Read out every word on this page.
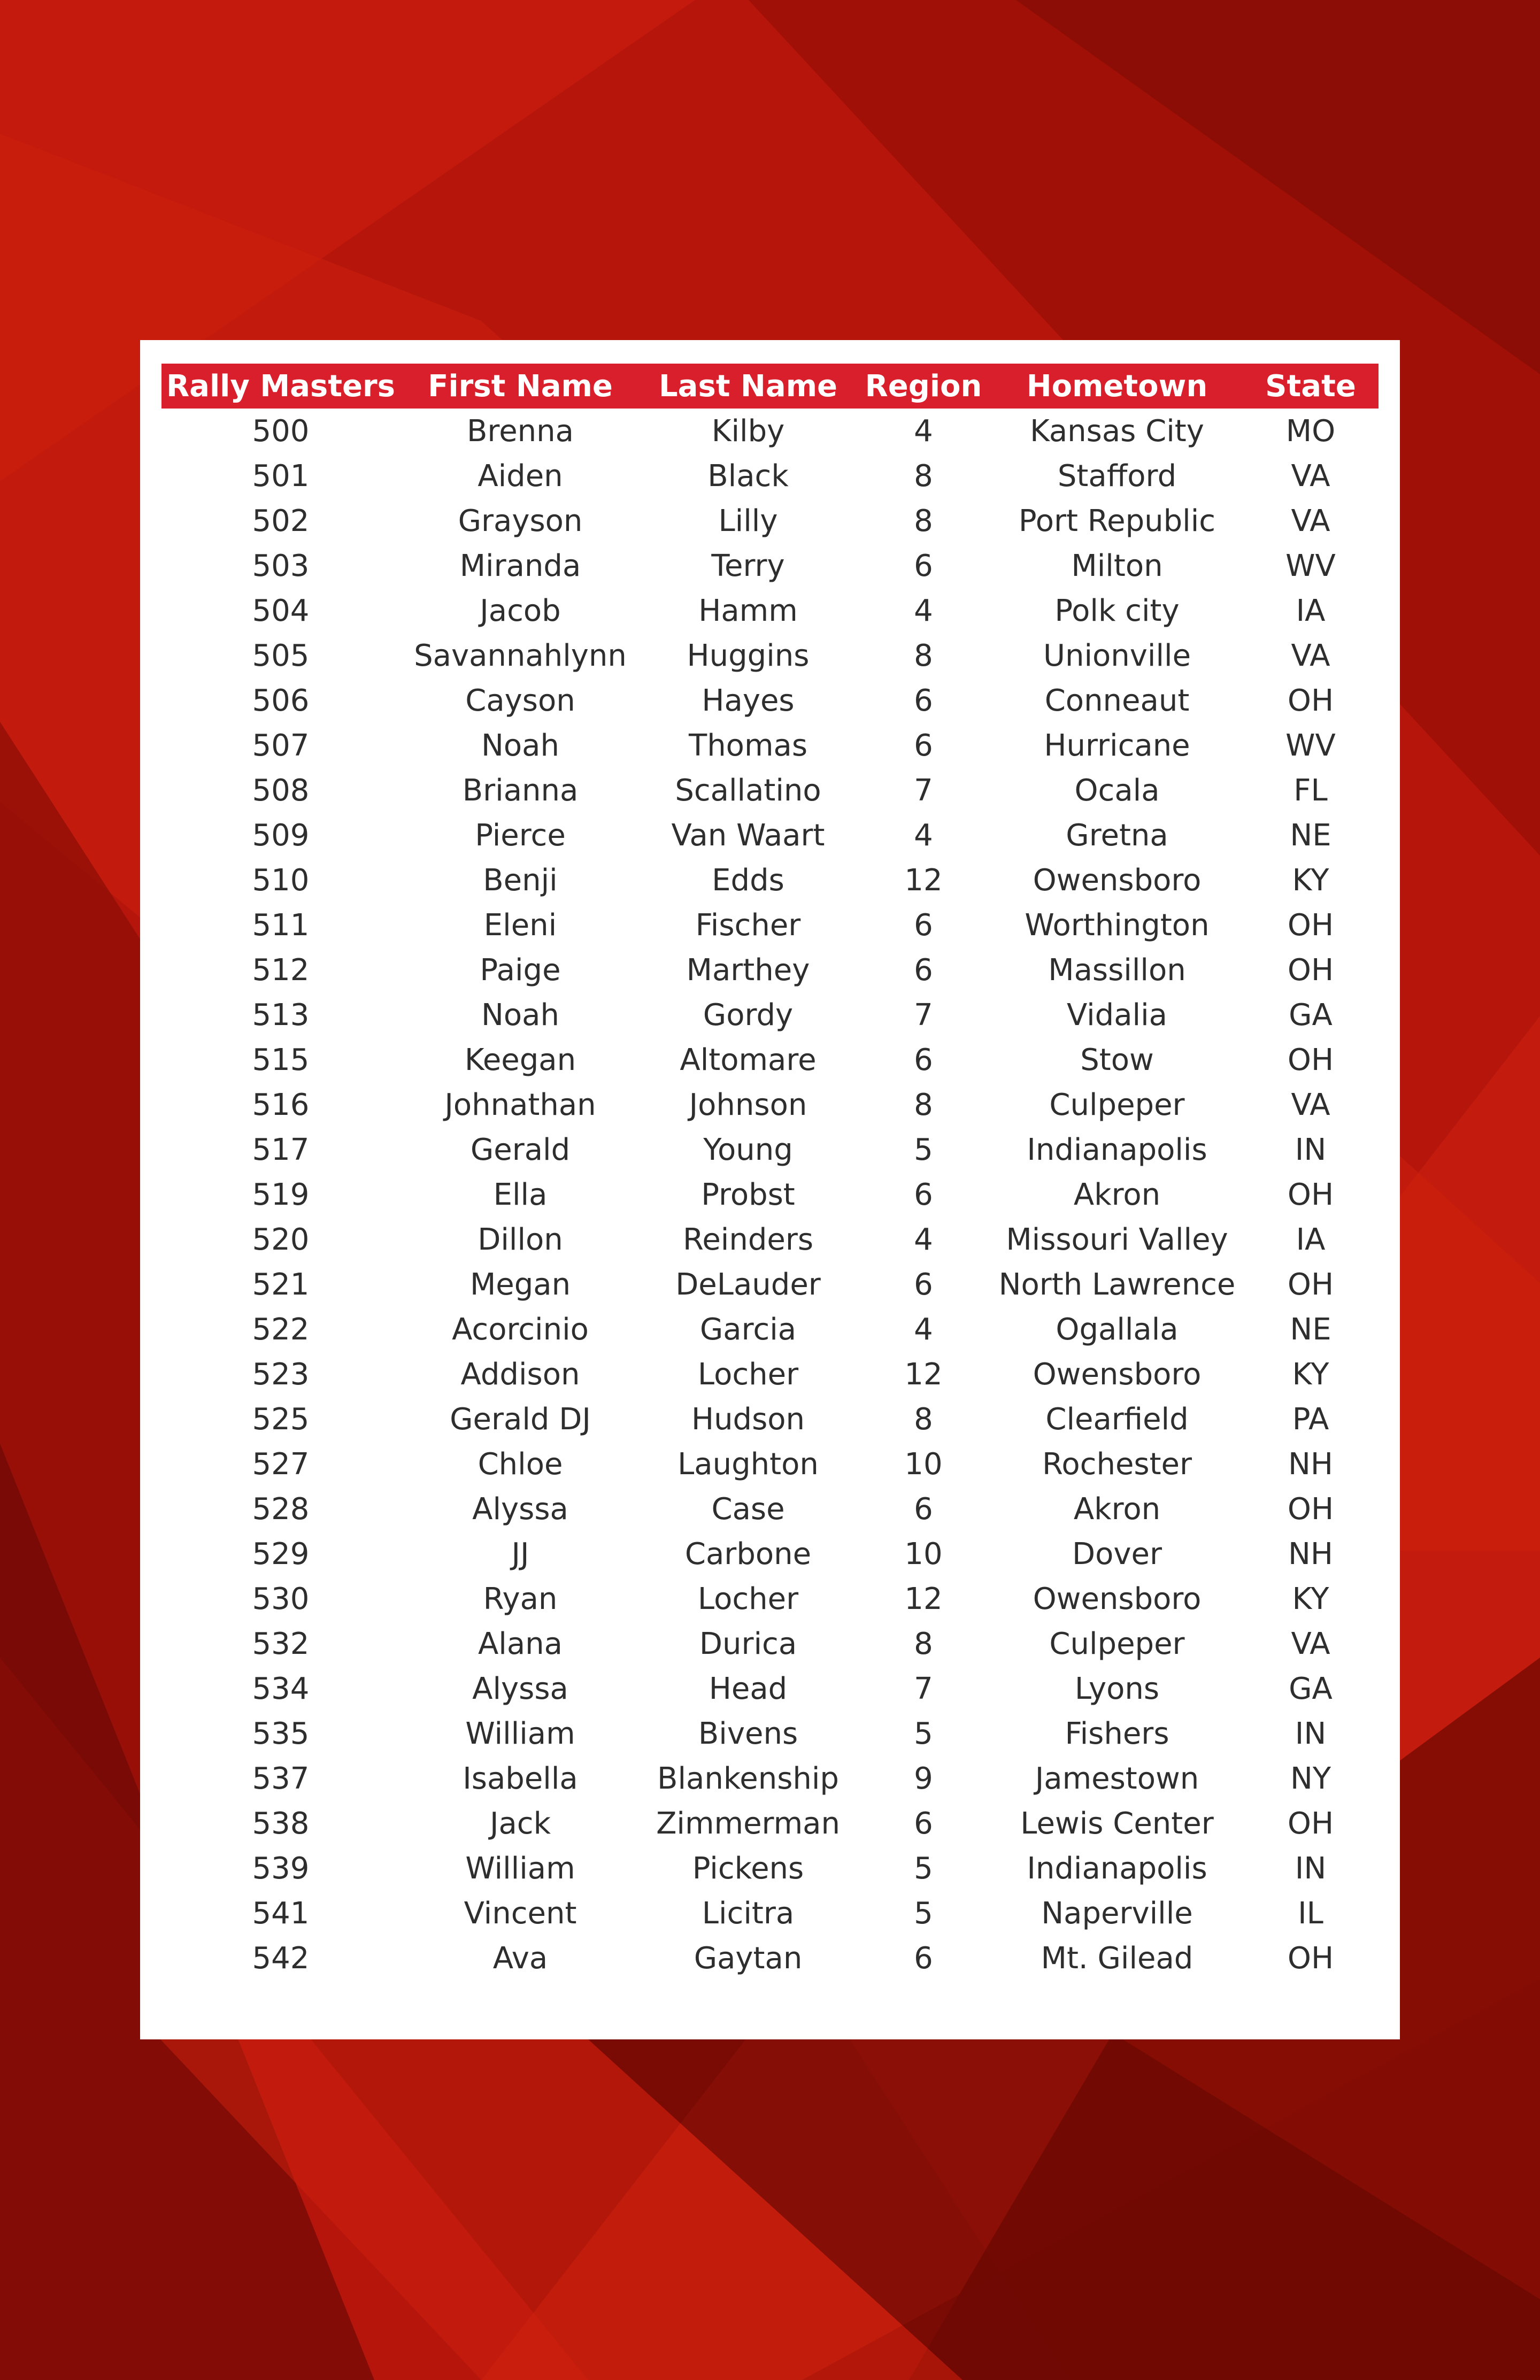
Rally Masters	First Name	Last Name	Region	Hometown	State
500	Brenna	Kilby	4	Kansas City	MO
501	Aiden	Black	8	Stafford	VA
502	Grayson	Lilly	8	Port Republic	VA
503	Miranda	Terry	6	Milton	WV
504	Jacob	Hamm	4	Polk city	IA
505	Savannahlynn	Huggins	8	Unionville	VA
506	Cayson	Hayes	6	Conneaut	OH
507	Noah	Thomas	6	Hurricane	WV
508	Brianna	Scallatino	7	Ocala	FL
509	Pierce	Van Waart	4	Gretna	NE
510	Benji	Edds	12	Owensboro	KY
511	Eleni	Fischer	6	Worthington	OH
512	Paige	Marthey	6	Massillon	OH
513	Noah	Gordy	7	Vidalia	GA
515	Keegan	Altomare	6	Stow	OH
516	Johnathan	Johnson	8	Culpeper	VA
517	Gerald	Young	5	Indianapolis	IN
519	Ella	Probst	6	Akron	OH
520	Dillon	Reinders	4	Missouri Valley	IA
521	Megan	DeLauder	6	North Lawrence	OH
522	Acorcinio	Garcia	4	Ogallala	NE
523	Addison	Locher	12	Owensboro	KY
525	Gerald DJ	Hudson	8	Clearfield	PA
527	Chloe	Laughton	10	Rochester	NH
528	Alyssa	Case	6	Akron	OH
529	JJ	Carbone	10	Dover	NH
530	Ryan	Locher	12	Owensboro	KY
532	Alana	Durica	8	Culpeper	VA
534	Alyssa	Head	7	Lyons	GA
535	William	Bivens	5	Fishers	IN
537	Isabella	Blankenship	9	Jamestown	NY
538	Jack	Zimmerman	6	Lewis Center	OH
539	William	Pickens	5	Indianapolis	IN
541	Vincent	Licitra	5	Naperville	IL
542	Ava	Gaytan	6	Mt. Gilead	OH
